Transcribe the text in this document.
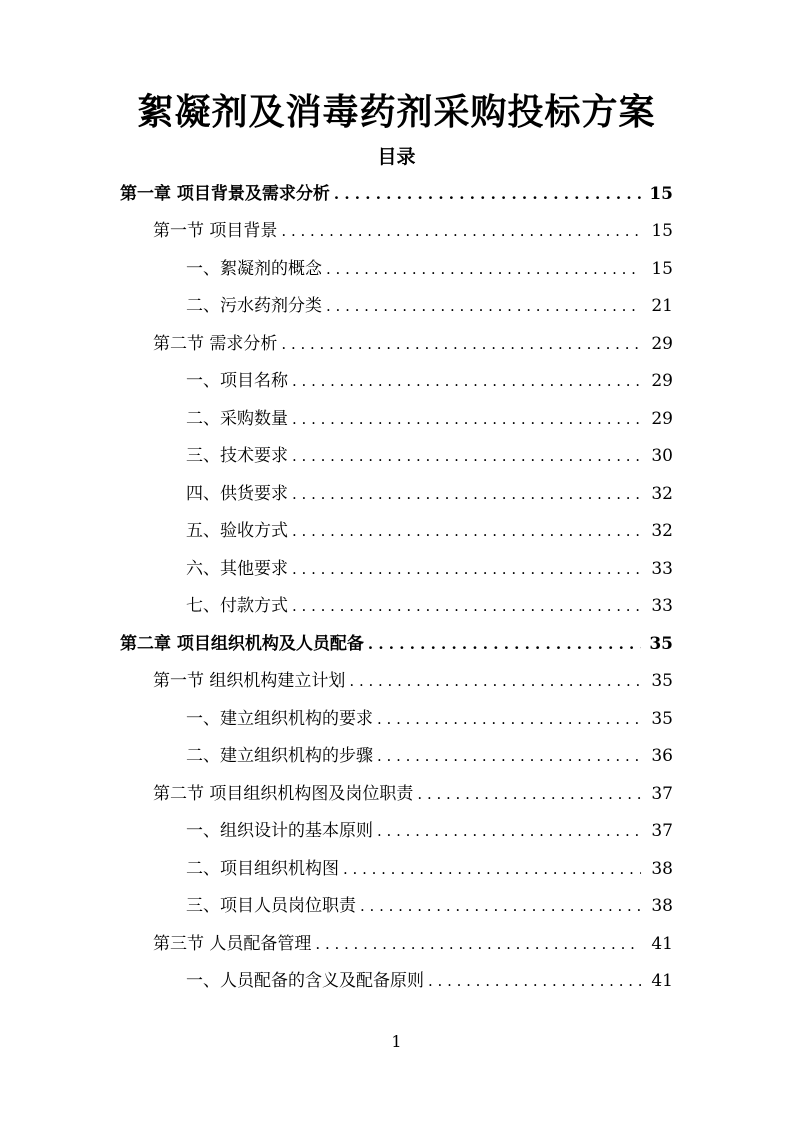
絮凝剂及消毒药剂采购投标方案
目录
第一章 项目背景及需求分析 . . .	15
第一节 项目背景 . . .	15
一、絮凝剂的概念 . . .	15
二、污水药剂分类 . . .	21
第二节 需求分析 . . .	29
一、项目名称 . . .	29
二、采购数量 . . .	29
三、技术要求 . . .	30
四、供货要求 . . .	32
五、验收方式 . . .	32
六、其他要求 . . .	33
七、付款方式 . . .	33
第二章 项目组织机构及人员配备 . . .	35
第一节 组织机构建立计划 . . .	35
一、建立组织机构的要求 . . .	35
二、建立组织机构的步骤 . . .	36
第二节 项目组织机构图及岗位职责 . . .	37
一、组织设计的基本原则 . . .	37
二、项目组织机构图 . . .	38
三、项目人员岗位职责 . . .	38
第三节 人员配备管理 . . .	41
一、人员配备的含义及配备原则 . . .	41
1
